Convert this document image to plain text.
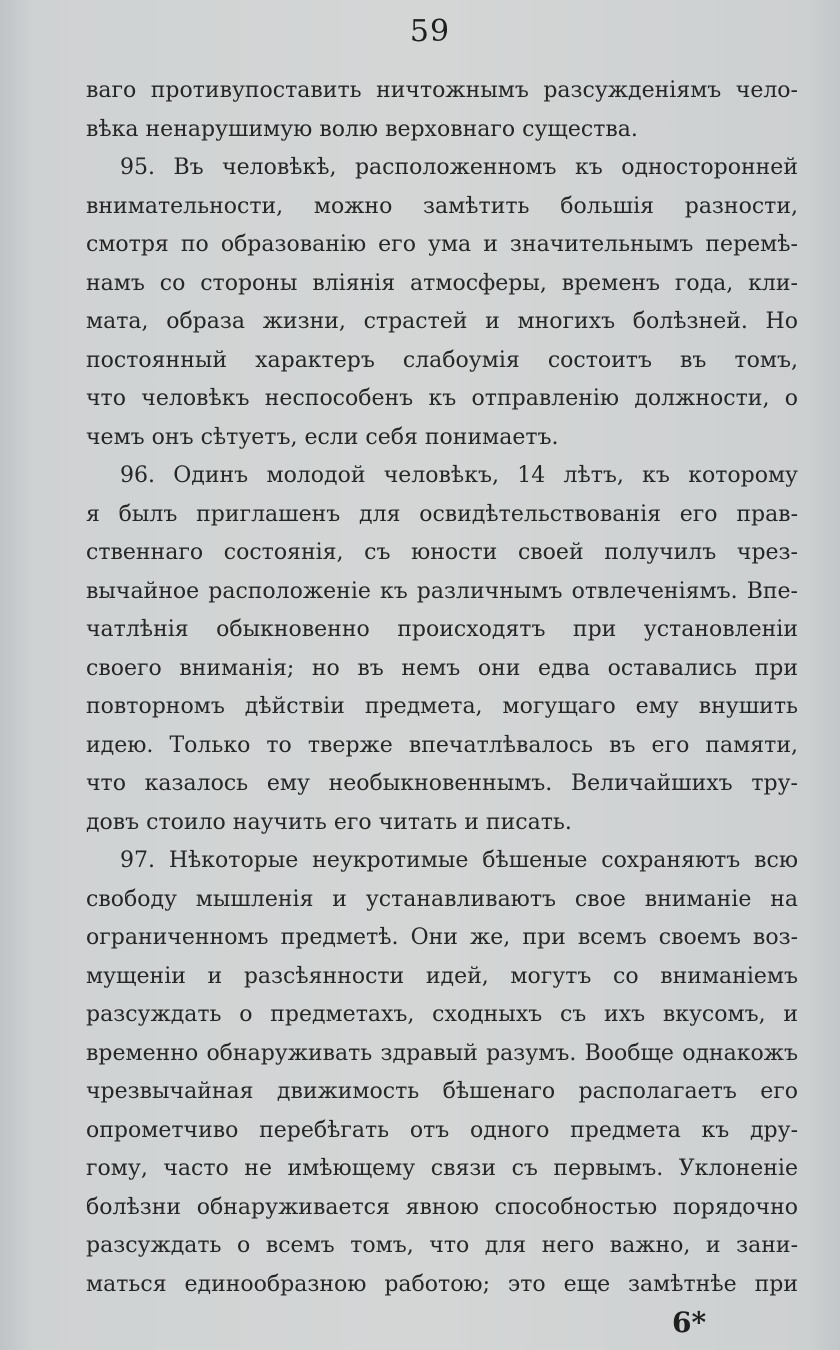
59
ваго противупоставить ничтожнымъ разсужденіямъ чело-
вѣка ненарушимую волю верховнаго существа.
95. Въ человѣкѣ, расположенномъ къ односторонней
внимательности, можно замѣтить большія разности,
смотря по образованію его ума и значительнымъ перемѣ-
намъ со стороны вліянія атмосферы, временъ года, кли-
мата, образа жизни, страстей и многихъ болѣзней. Но
постоянный характеръ слабоумія состоитъ въ томъ,
что человѣкъ неспособенъ къ отправленію должности, о
чемъ онъ сѣтуетъ, если себя понимаетъ.
96. Одинъ молодой человѣкъ, 14 лѣтъ, къ которому
я былъ приглашенъ для освидѣтельствованія его прав-
ственнаго состоянія, съ юности своей получилъ чрез-
вычайное расположеніе къ различнымъ отвлеченіямъ. Впе-
чатлѣнія обыкновенно происходятъ при установленіи
своего вниманія; но въ немъ они едва оставались при
повторномъ дѣйствіи предмета, могущаго ему внушить
идею. Только то тверже впечатлѣвалось въ его памяти,
что казалось ему необыкновеннымъ. Величайшихъ тру-
довъ стоило научить его читать и писать.
97. Нѣкоторые неукротимые бѣшеные сохраняютъ всю
свободу мышленія и устанавливаютъ свое вниманіе на
ограниченномъ предметѣ. Они же, при всемъ своемъ воз-
мущеніи и разсѣянности идей, могутъ со вниманіемъ
разсуждать о предметахъ, сходныхъ съ ихъ вкусомъ, и
временно обнаруживать здравый разумъ. Вообще однакожъ
чрезвычайная движимость бѣшенаго располагаетъ его
опрометчиво перебѣгать отъ одного предмета къ дру-
гому, часто не имѣющему связи съ первымъ. Уклоненіе
болѣзни обнаруживается явною способностью порядочно
разсуждать о всемъ томъ, что для него важно, и зани-
маться единообразною работою; это еще замѣтнѣе при
6*
